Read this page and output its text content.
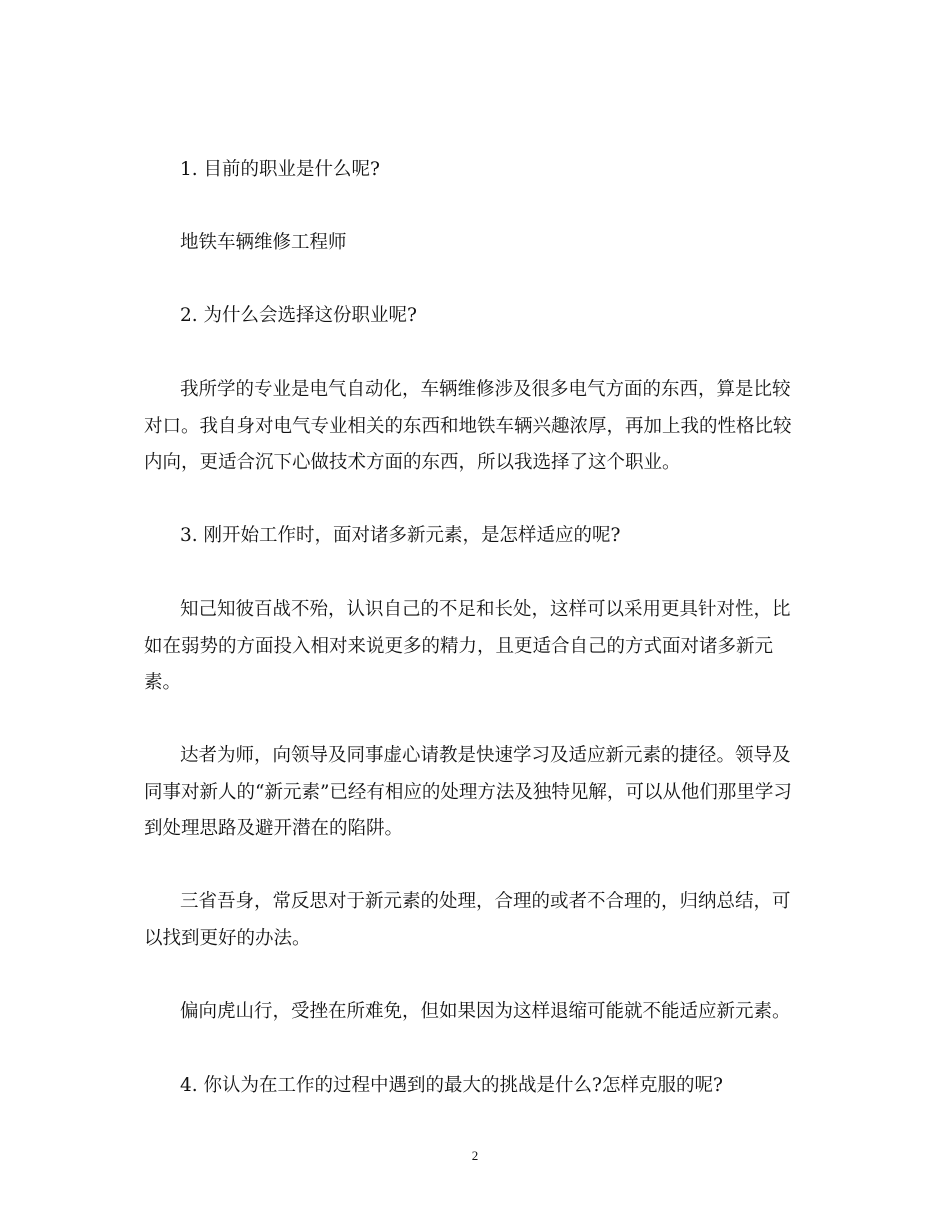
1. 目前的职业是什么呢?

地铁车辆维修工程师

2. 为什么会选择这份职业呢?

我所学的专业是电气自动化，车辆维修涉及很多电气方面的东西，算是比较对口。我自身对电气专业相关的东西和地铁车辆兴趣浓厚，再加上我的性格比较内向，更适合沉下心做技术方面的东西，所以我选择了这个职业。

3. 刚开始工作时，面对诸多新元素，是怎样适应的呢?

知己知彼百战不殆，认识自己的不足和长处，这样可以采用更具针对性，比如在弱势的方面投入相对来说更多的精力，且更适合自己的方式面对诸多新元素。

达者为师，向领导及同事虚心请教是快速学习及适应新元素的捷径。领导及同事对新人的“新元素”已经有相应的处理方法及独特见解，可以从他们那里学习到处理思路及避开潜在的陷阱。

三省吾身，常反思对于新元素的处理，合理的或者不合理的，归纳总结，可以找到更好的办法。

偏向虎山行，受挫在所难免，但如果因为这样退缩可能就不能适应新元素。

4. 你认为在工作的过程中遇到的最大的挑战是什么?怎样克服的呢?

2
